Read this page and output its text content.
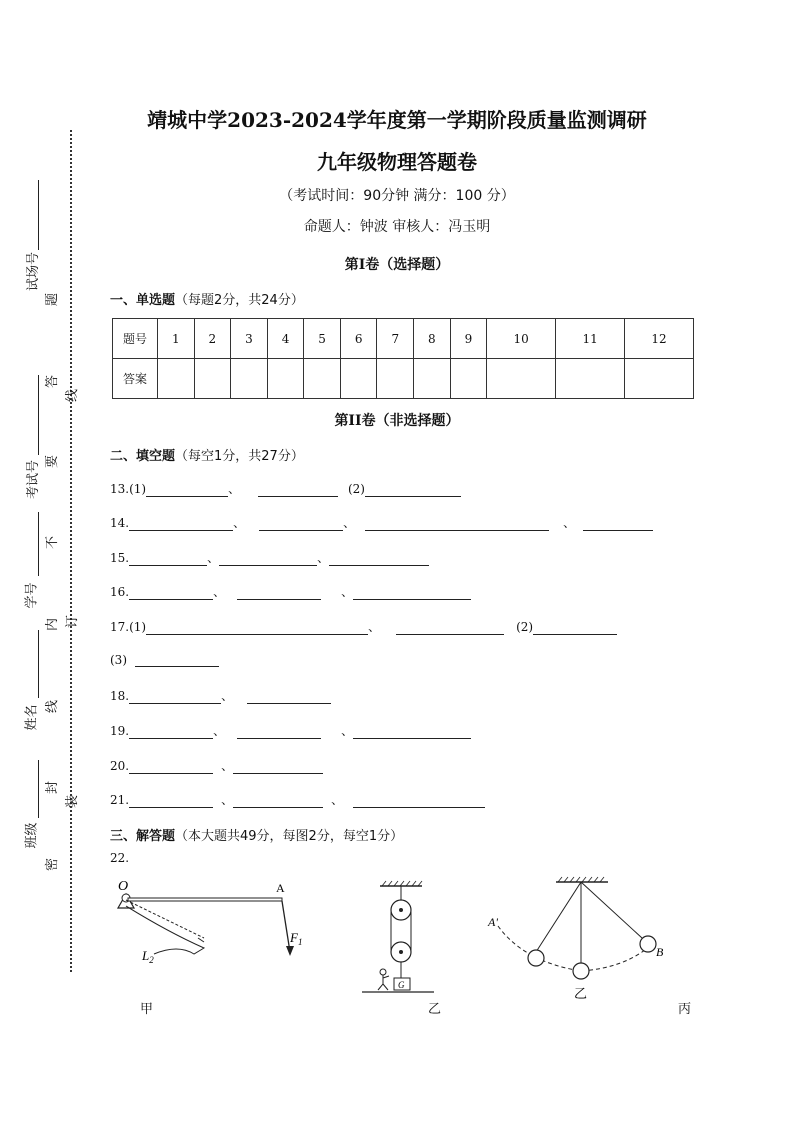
试场号
考试号
学号
姓名
班级
题
答
要
不
内
线
封
密
线
订
装
靖城中学2023-2024学年度第一学期阶段质量监测调研
九年级物理答题卷
（考试时间：90分钟 满分：100 分）
命题人：钟波 审核人：冯玉明
第Ⅰ卷（选择题）
一、单选题（每题2分，共24分）
题号	1	2	3	4	5	6	7	8	9	10	11	12
答案												
第II卷（非选择题）
二、填空题（每空1分，共27分）
13.(1)	、	(2)
14.	、	、	、
15.	、	、
16.	、	、
17.(1)	、	(2)
(3)
18.	、
19.	、	、
20.	、
21.	、	、
三、解答题（本大题共49分，每图2分，每空1分）
22.
O	A
$F_1$
$L_2$
甲
G
乙
A'
B
乙
丙
